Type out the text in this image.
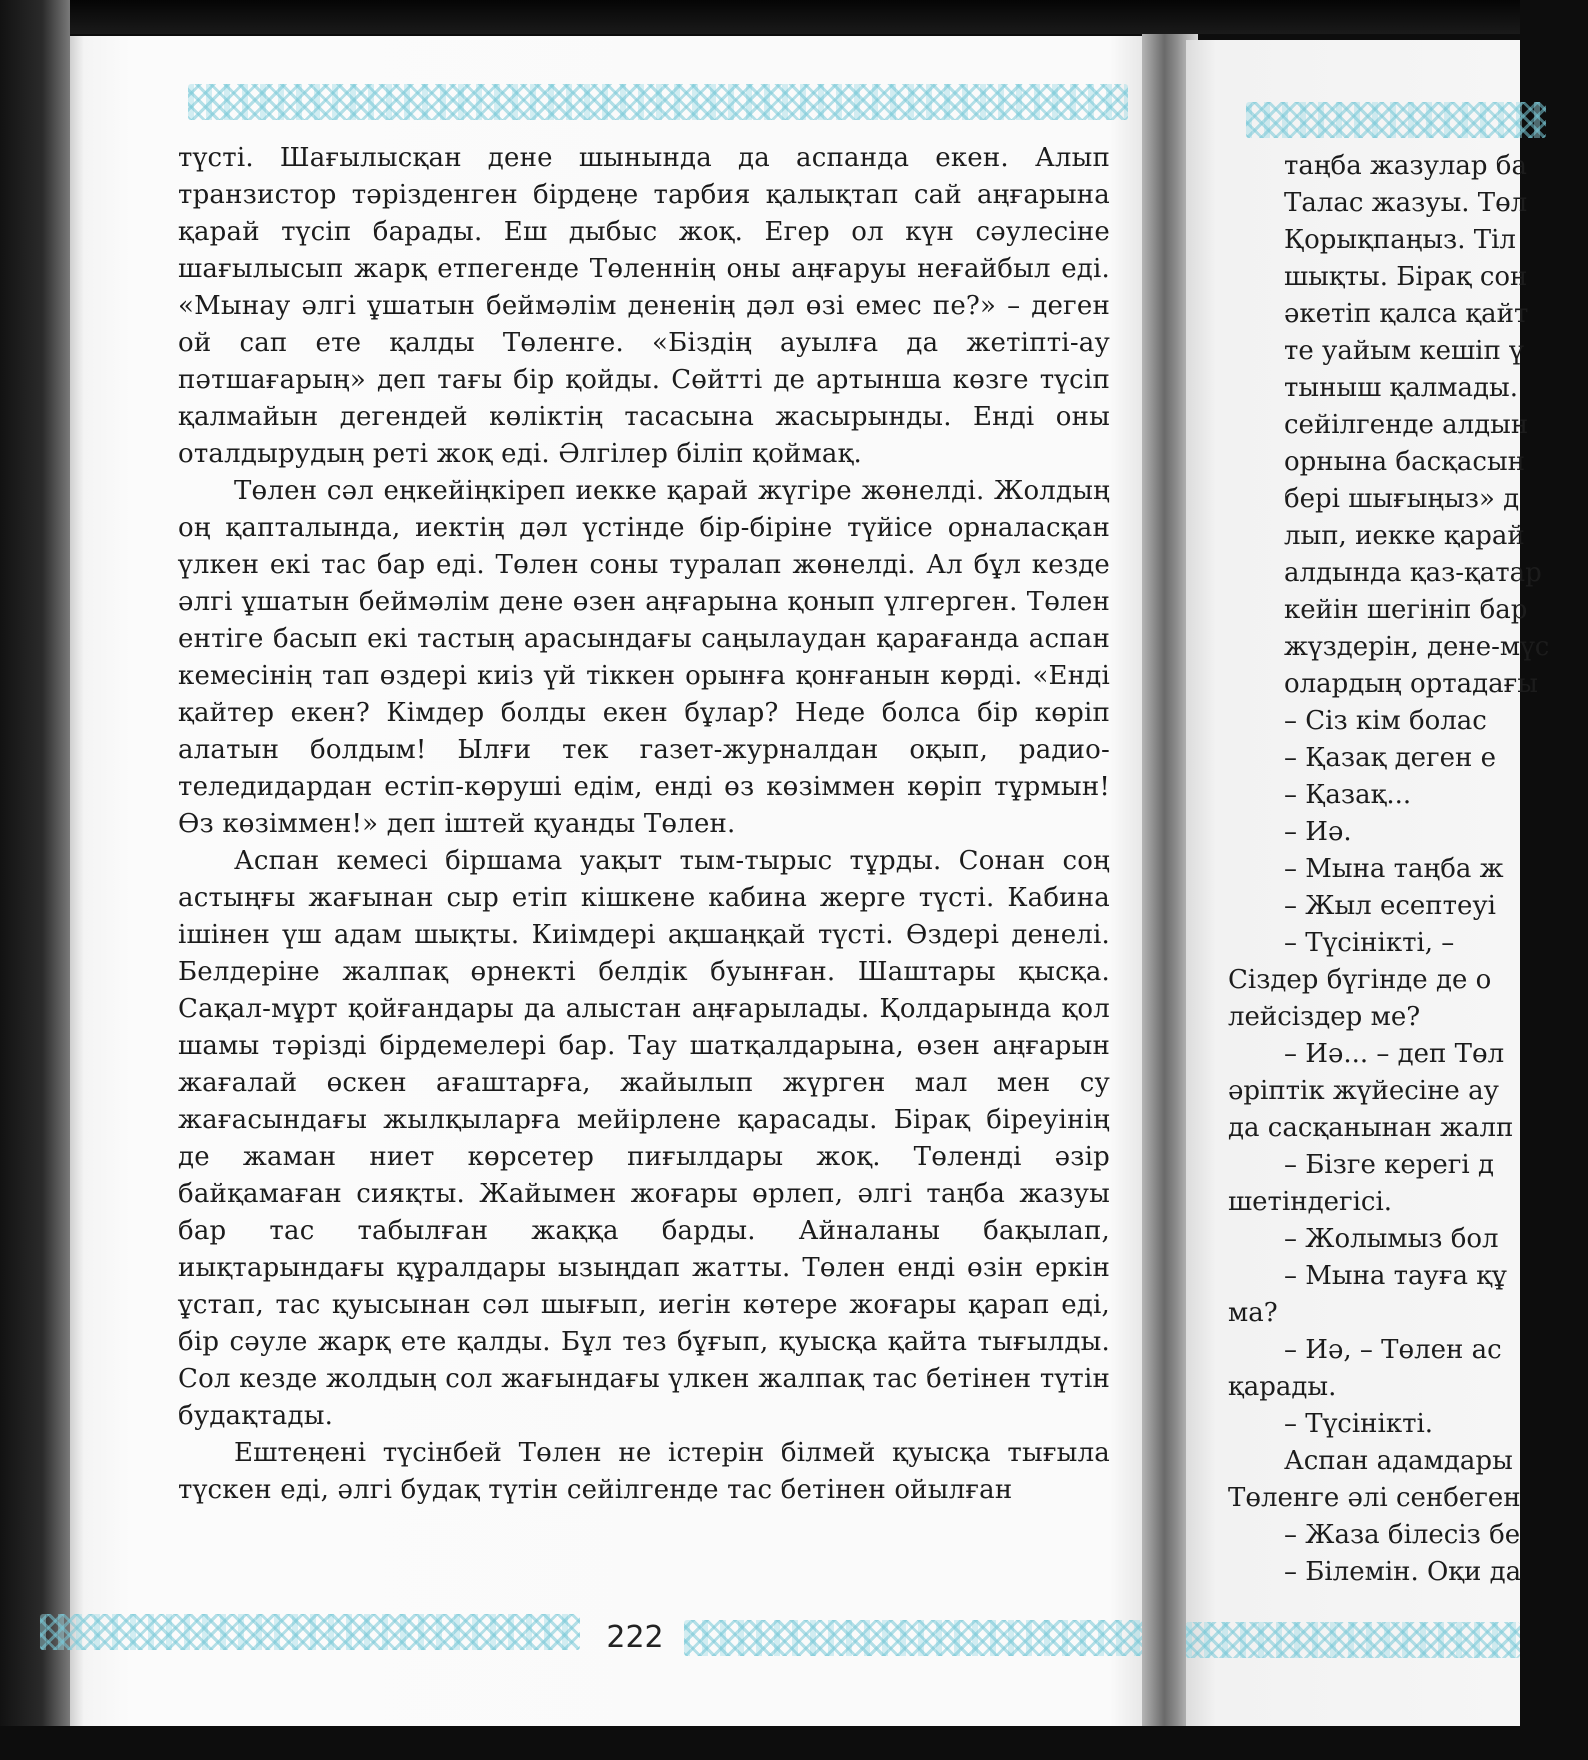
түсті. Шағылысқан дене шынында да аспанда екен. Алып транзистор тәрізденген бірдеңе тарбия қалықтап сай аңғарына қарай түсіп барады. Еш дыбыс жоқ. Егер ол күн сәулесіне шағылысып жарқ етпегенде Төленнің оны аңғаруы неғайбыл еді. «Мынау әлгі ұшатын беймәлім дененің дәл өзі емес пе?» – деген ой сап ете қалды Төленге. «Біздің ауылға да жетіпті-ау пәтшағарың» деп тағы бір қойды. Сөйтті де артынша көзге түсіп қалмайын дегендей көліктің тасасына жасырынды. Енді оны оталдырудың реті жоқ еді. Әлгілер біліп қоймақ.

Төлен сәл еңкейіңкіреп иекке қарай жүгіре жөнелді. Жолдың оң қапталында, иектің дәл үстінде бір-біріне түйісе орналасқан үлкен екі тас бар еді. Төлен соны туралап жөнелді. Ал бұл кезде әлгі ұшатын беймәлім дене өзен аңғарына қонып үлгерген. Төлен ентіге басып екі тастың арасындағы саңылаудан қарағанда аспан кемесінің тап өздері киіз үй тіккен орынға қонғанын көрді. «Енді қайтер екен? Кімдер болды екен бұлар? Неде болса бір көріп алатын болдым! Ылғи тек газет-журналдан оқып, радио-теледидардан естіп-көруші едім, енді өз көзіммен көріп тұрмын! Өз көзіммен!» деп іштей қуанды Төлен.

Аспан кемесі біршама уақыт тым-тырыс тұрды. Сонан соң астыңғы жағынан сыр етіп кішкене кабина жерге түсті. Кабина ішінен үш адам шықты. Киімдері ақшаңқай түсті. Өздері денелі. Белдеріне жалпақ өрнекті белдік буынған. Шаштары қысқа. Сақал-мұрт қойғандары да алыстан аңғарылады. Қолдарында қол шамы тәрізді бірдемелері бар. Тау шатқалдарына, өзен аңғарын жағалай өскен ағаштарға, жайылып жүрген мал мен су жағасындағы жылқыларға мейірлене қарасады. Бірақ біреуінің де жаман ниет көрсетер пиғылдары жоқ. Төленді әзір байқамаған сияқты. Жайымен жоғары өрлеп, әлгі таңба жазуы бар тас табылған жаққа барды. Айналаны бақылап, иықтарындағы құралдары ызыңдап жатты. Төлен енді өзін еркін ұстап, тас қуысынан сәл шығып, иегін көтере жоғары қарап еді, бір сәуле жарқ ете қалды. Бұл тез бұғып, қуысқа қайта тығылды. Сол кезде жолдың сол жағындағы үлкен жалпақ тас бетінен түтін будақтады.

Ештеңені түсінбей Төлен не істерін білмей қуысқа тығыла түскен еді, әлгі будақ түтін сейілгенде тас бетінен ойылған

222

таңба жазулар ба

Талас жазуы. Төл

Қорықпаңыз. Тіл

шықты. Бірақ сон

әкетіп қалса қайт

те уайым кешіп ү

тыныш қалмады.

сейілгенде алдын

орнына басқасын

бері шығыңыз» д

лып, иекке қарай

алдында қаз-қатар

кейін шегініп бар

жүздерін, дене-мүс

олардың ортадағы

– Сіз кім болас

– Қазақ деген е

– Қазақ...

– Иә.

– Мына таңба ж

– Жыл есептеуі

– Түсінікті, –

Сіздер бүгінде де о

лейсіздер ме?

– Иә... – деп Төл

әріптік жүйесіне ау

да сасқанынан жалп

– Бізге керегі д

шетіндегісі.

– Жолымыз бол

– Мына тауға құ

ма?

– Иә, – Төлен ас

қарады.

– Түсінікті.

Аспан адамдары

Төленге әлі сенбеген

– Жаза білесіз бе

– Білемін. Оқи да
